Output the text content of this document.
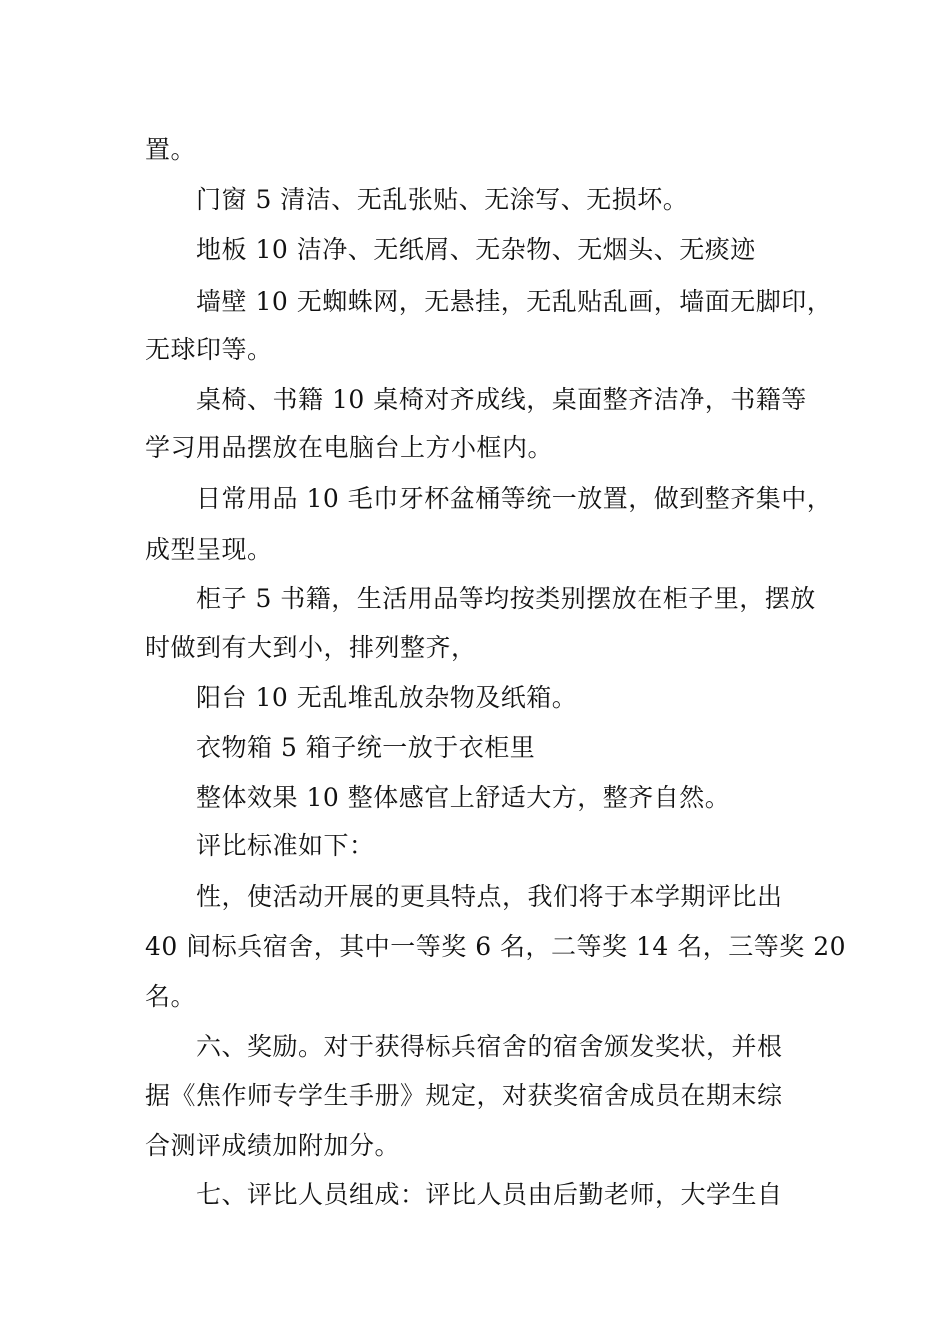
置。
门窗 5 清洁、无乱张贴、无涂写、无损坏。
地板 10 洁净、无纸屑、无杂物、无烟头、无痰迹
墙壁 10 无蜘蛛网，无悬挂，无乱贴乱画，墙面无脚印，
无球印等。
桌椅、书籍 10 桌椅对齐成线，桌面整齐洁净，书籍等
学习用品摆放在电脑台上方小框内。
日常用品 10 毛巾牙杯盆桶等统一放置，做到整齐集中，
成型呈现。
柜子 5 书籍，生活用品等均按类别摆放在柜子里，摆放
时做到有大到小，排列整齐，
阳台 10 无乱堆乱放杂物及纸箱。
衣物箱 5 箱子统一放于衣柜里
整体效果 10 整体感官上舒适大方，整齐自然。
评比标准如下：
性，使活动开展的更具特点，我们将于本学期评比出
40 间标兵宿舍，其中一等奖 6 名，二等奖 14 名，三等奖 20
名。
六、奖励。对于获得标兵宿舍的宿舍颁发奖状，并根
据《焦作师专学生手册》规定，对获奖宿舍成员在期末综
合测评成绩加附加分。
七、评比人员组成：评比人员由后勤老师，大学生自
